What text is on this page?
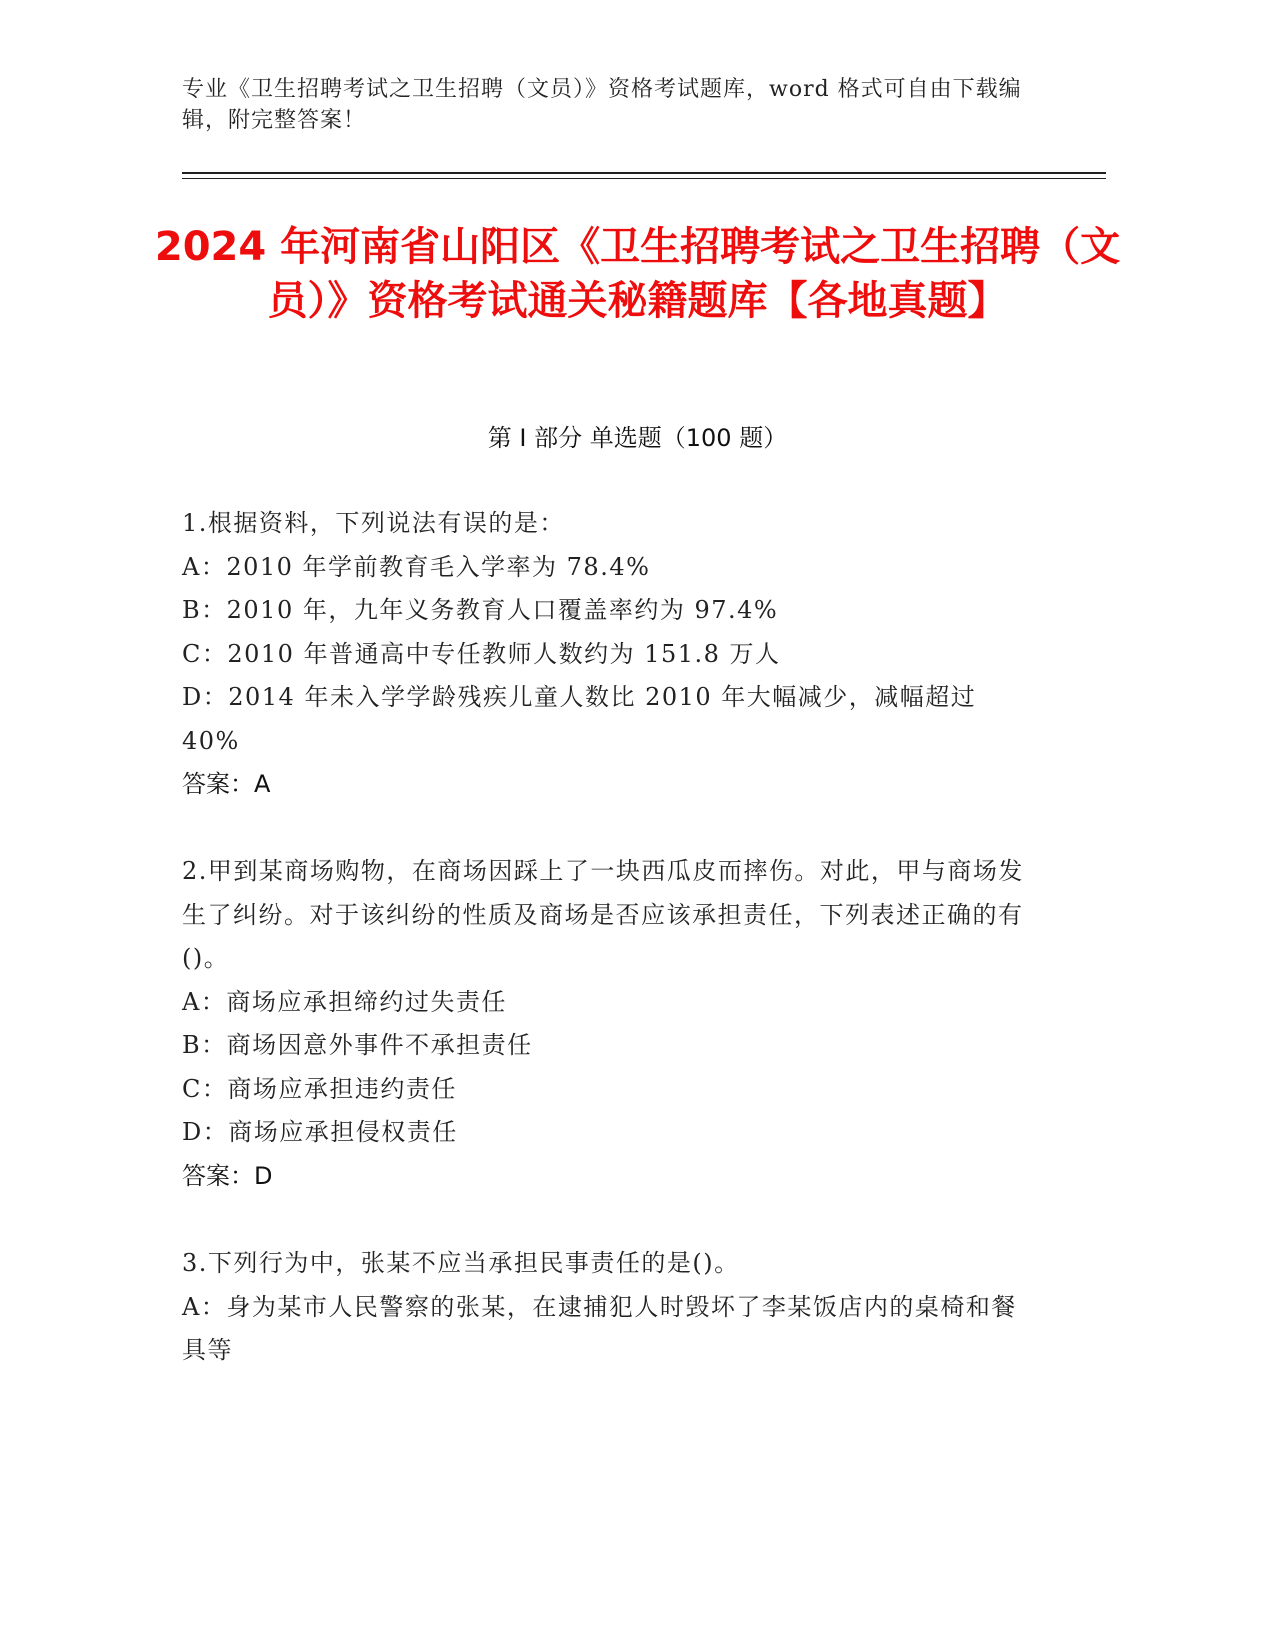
专业《卫生招聘考试之卫生招聘（文员）》资格考试题库，word 格式可自由下载编辑，附完整答案！
2024 年河南省山阳区《卫生招聘考试之卫生招聘（文员）》资格考试通关秘籍题库【各地真题】
第 I 部分 单选题（100 题）
1.根据资料，下列说法有误的是：
A：2010 年学前教育毛入学率为 78.4%
B：2010 年，九年义务教育人口覆盖率约为 97.4%
C：2010 年普通高中专任教师人数约为 151.8 万人
D：2014 年未入学学龄残疾儿童人数比 2010 年大幅减少，减幅超过 40%
答案：A
2.甲到某商场购物，在商场因踩上了一块西瓜皮而摔伤。对此，甲与商场发生了纠纷。对于该纠纷的性质及商场是否应该承担责任，下列表述正确的有()。
A：商场应承担缔约过失责任
B：商场因意外事件不承担责任
C：商场应承担违约责任
D：商场应承担侵权责任
答案：D
3.下列行为中，张某不应当承担民事责任的是()。
A：身为某市人民警察的张某，在逮捕犯人时毁坏了李某饭店内的桌椅和餐具等
